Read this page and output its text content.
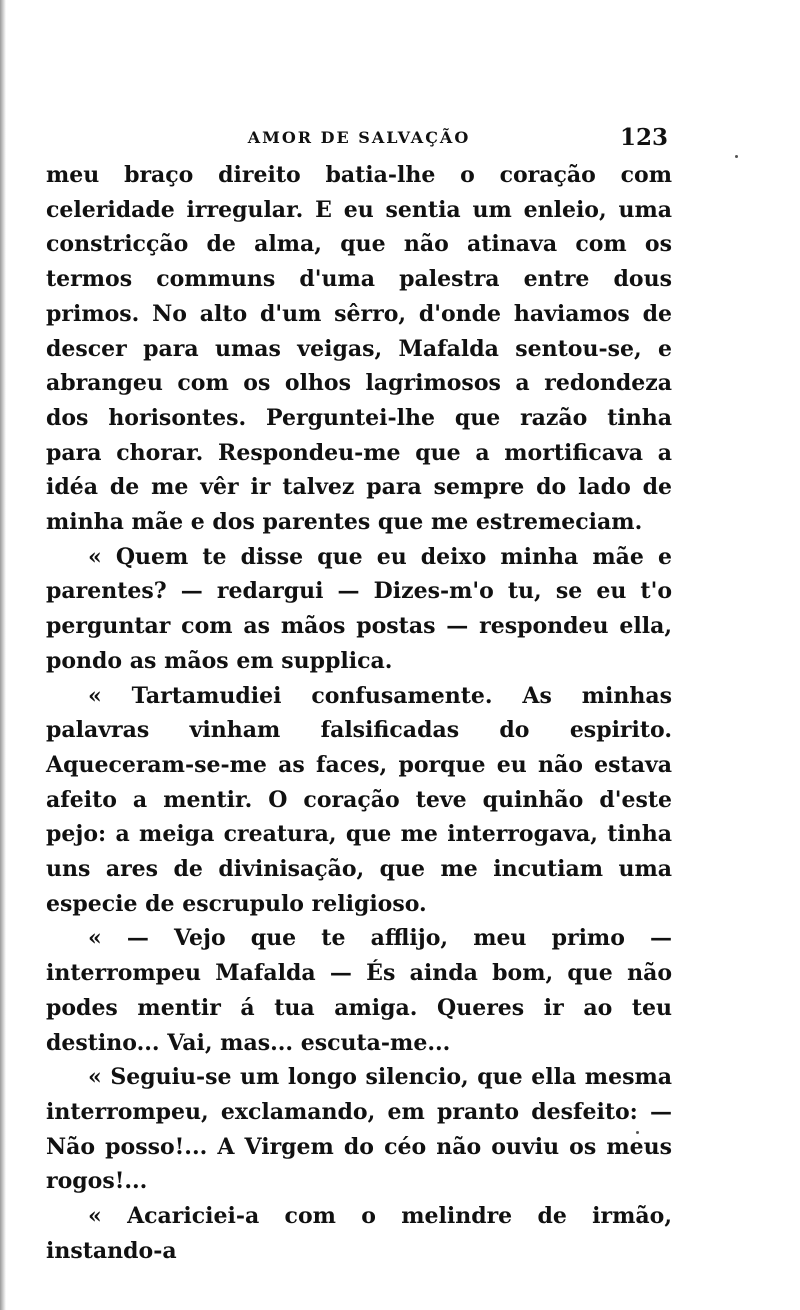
AMOR DE SALVAÇÃO	123

meu braço direito batia-lhe o coração com celeridade irregular. E eu sentia um enleio, uma constricção de alma, que não atinava com os termos communs d'uma palestra entre dous primos. No alto d'um sêrro, d'onde haviamos de descer para umas veigas, Mafalda sentou-se, e abrangeu com os olhos lagrimosos a redondeza dos horisontes. Perguntei-lhe que razão tinha para chorar. Respondeu-me que a mortificava a idéa de me vêr ir talvez para sempre do lado de minha mãe e dos parentes que me estremeciam.

« Quem te disse que eu deixo minha mãe e parentes? — redargui — Dizes-m'o tu, se eu t'o perguntar com as mãos postas — respondeu ella, pondo as mãos em supplica.

« Tartamudiei confusamente. As minhas palavras vinham falsificadas do espirito. Aqueceram-se-me as faces, porque eu não estava afeito a mentir. O coração teve quinhão d'este pejo: a meiga creatura, que me interrogava, tinha uns ares de divinisação, que me incutiam uma especie de escrupulo religioso.

« — Vejo que te afflijo, meu primo — interrompeu Mafalda — És ainda bom, que não podes mentir á tua amiga. Queres ir ao teu destino... Vai, mas... escuta-me...

« Seguiu-se um longo silencio, que ella mesma interrompeu, exclamando, em pranto desfeito: — Não posso!... A Virgem do céo não ouviu os meus rogos!...

« Acariciei-a com o melindre de irmão, instando-a
